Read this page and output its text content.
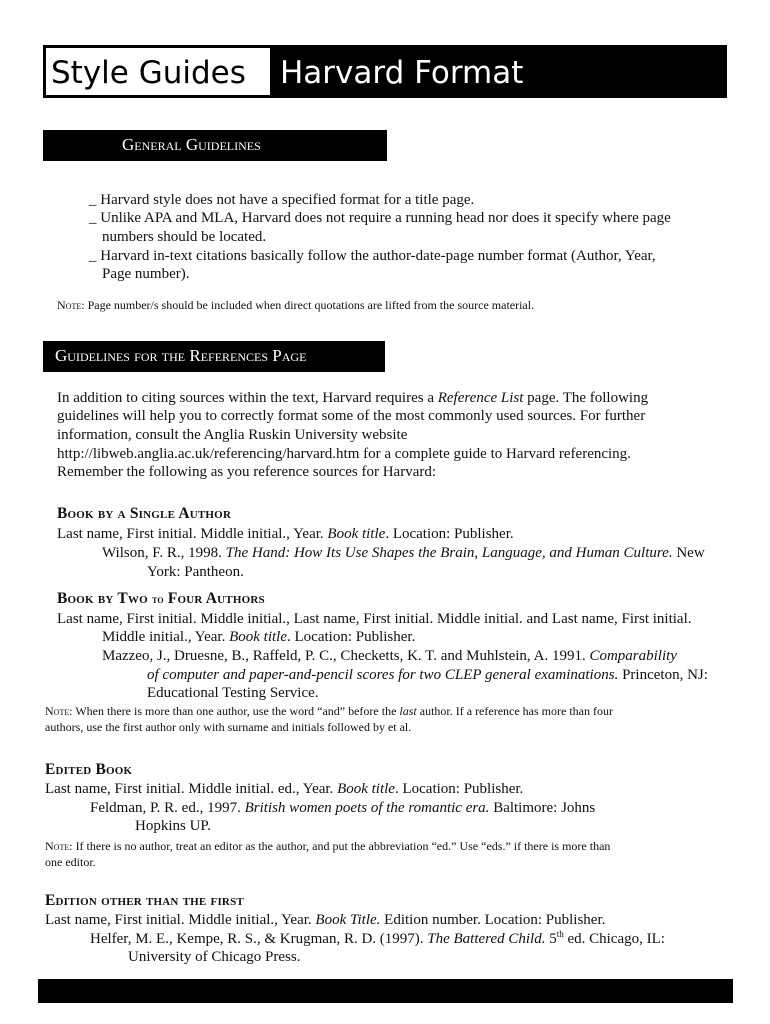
Style Guides Harvard Format
General Guidelines
_ Harvard style does not have a specified format for a title page.
_ Unlike APA and MLA, Harvard does not require a running head nor does it specify where page
numbers should be located.
_ Harvard in-text citations basically follow the author-date-page number format (Author, Year,
Page number).
Note: Page number/s should be included when direct quotations are lifted from the source material.
Guidelines for the References Page
In addition to citing sources within the text, Harvard requires a Reference List page. The following
guidelines will help you to correctly format some of the most commonly used sources. For further
information, consult the Anglia Ruskin University website
http://libweb.anglia.ac.uk/referencing/harvard.htm for a complete guide to Harvard referencing.
Remember the following as you reference sources for Harvard:
Book by a Single Author
Last name, First initial. Middle initial., Year. Book title. Location: Publisher.
Wilson, F. R., 1998. The Hand: How Its Use Shapes the Brain, Language, and Human Culture. New
York: Pantheon.
Book by Two to Four Authors
Last name, First initial. Middle initial., Last name, First initial. Middle initial. and Last name, First initial.
Middle initial., Year. Book title. Location: Publisher.
Mazzeo, J., Druesne, B., Raffeld, P. C., Checketts, K. T. and Muhlstein, A. 1991. Comparability
of computer and paper-and-pencil scores for two CLEP general examinations. Princeton, NJ:
Educational Testing Service.
Note: When there is more than one author, use the word “and” before the last author. If a reference has more than four
authors, use the first author only with surname and initials followed by et al.
Edited Book
Last name, First initial. Middle initial. ed., Year. Book title. Location: Publisher.
Feldman, P. R. ed., 1997. British women poets of the romantic era. Baltimore: Johns
Hopkins UP.
Note: If there is no author, treat an editor as the author, and put the abbreviation “ed.” Use “eds.” if there is more than
one editor.
Edition other than the first
Last name, First initial. Middle initial., Year. Book Title. Edition number. Location: Publisher.
Helfer, M. E., Kempe, R. S., & Krugman, R. D. (1997). The Battered Child. 5th ed. Chicago, IL:
University of Chicago Press.
